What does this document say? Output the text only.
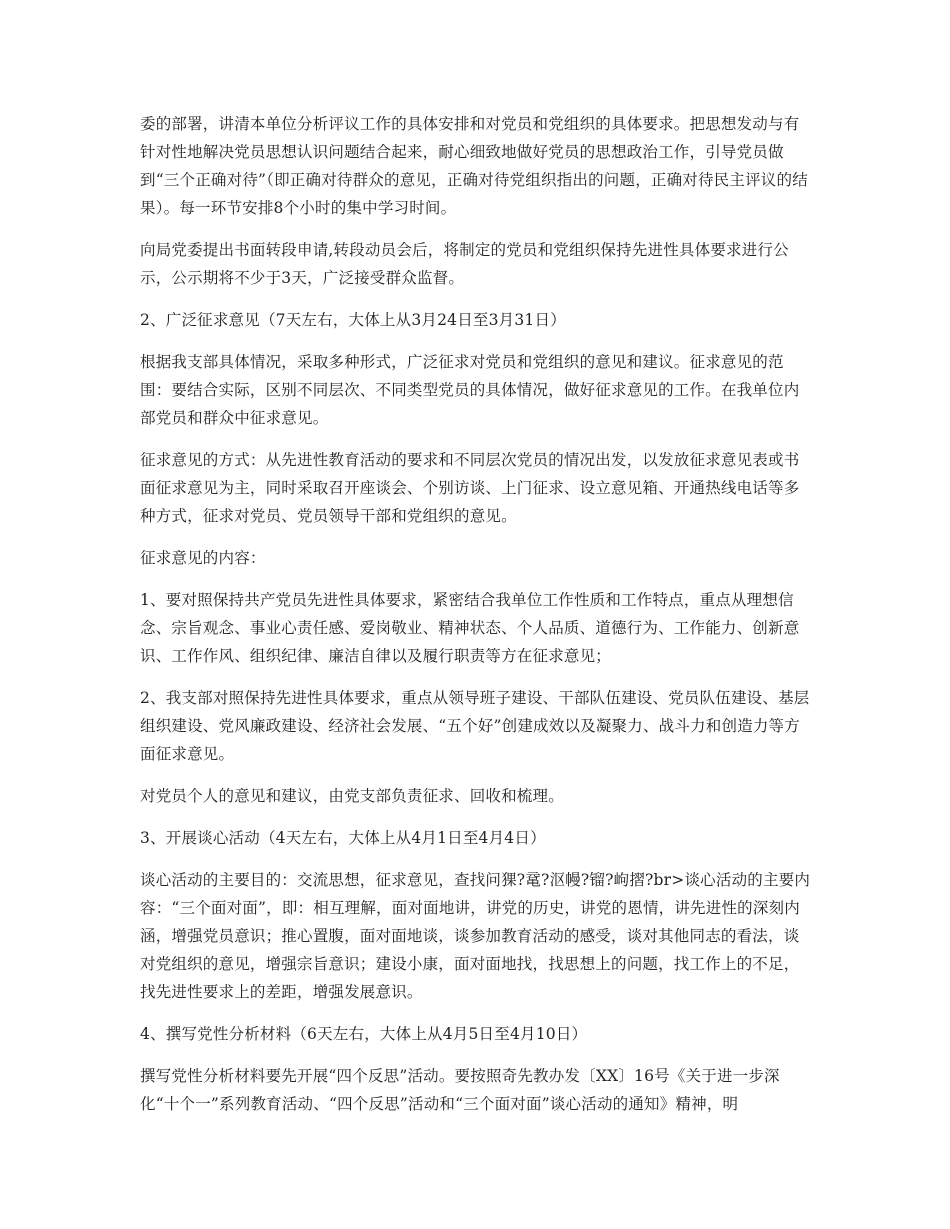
委的部署，讲清本单位分析评议工作的具体安排和对党员和党组织的具体要求。把思想发动与有针对性地解决党员思想认识问题结合起来，耐心细致地做好党员的思想政治工作，引导党员做到“三个正确对待”（即正确对待群众的意见，正确对待党组织指出的问题，正确对待民主评议的结果）。每一环节安排8个小时的集中学习时间。

向局党委提出书面转段申请,转段动员会后，将制定的党员和党组织保持先进性具体要求进行公示，公示期将不少于3天，广泛接受群众监督。

2、广泛征求意见（7天左右，大体上从3月24日至3月31日）

根据我支部具体情况，采取多种形式，广泛征求对党员和党组织的意见和建议。征求意见的范围：要结合实际，区别不同层次、不同类型党员的具体情况，做好征求意见的工作。在我单位内部党员和群众中征求意见。

征求意见的方式：从先进性教育活动的要求和不同层次党员的情况出发，以发放征求意见表或书面征求意见为主，同时采取召开座谈会、个别访谈、上门征求、设立意见箱、开通热线电话等多种方式，征求对党员、党员领导干部和党组织的意见。

征求意见的内容：

1、要对照保持共产党员先进性具体要求，紧密结合我单位工作性质和工作特点，重点从理想信念、宗旨观念、事业心责任感、爱岗敬业、精神状态、个人品质、道德行为、工作能力、创新意识、工作作风、组织纪律、廉洁自律以及履行职责等方在征求意见；

2、我支部对照保持先进性具体要求，重点从领导班子建设、干部队伍建设、党员队伍建设、基层组织建设、党风廉政建设、经济社会发展、“五个好”创建成效以及凝聚力、战斗力和创造力等方面征求意见。

对党员个人的意见和建议，由党支部负责征求、回收和梳理。

3、开展谈心活动（4天左右，大体上从4月1日至4月4日）

谈心活动的主要目的：交流思想，征求意见，查找问猓?鼋?沤幔?镏?岣摺?br>谈心活动的主要内容：“三个面对面”，即：相互理解，面对面地讲，讲党的历史，讲党的恩情，讲先进性的深刻内涵，增强党员意识；推心置腹，面对面地谈，谈参加教育活动的感受，谈对其他同志的看法，谈对党组织的意见，增强宗旨意识；建设小康，面对面地找，找思想上的问题，找工作上的不足，找先进性要求上的差距，增强发展意识。

4、撰写党性分析材料（6天左右，大体上从4月5日至4月10日）

撰写党性分析材料要先开展“四个反思”活动。要按照奇先教办发〔XX〕16号《关于进一步深化“十个一”系列教育活动、“四个反思”活动和“三个面对面”谈心活动的通知》精神，明
